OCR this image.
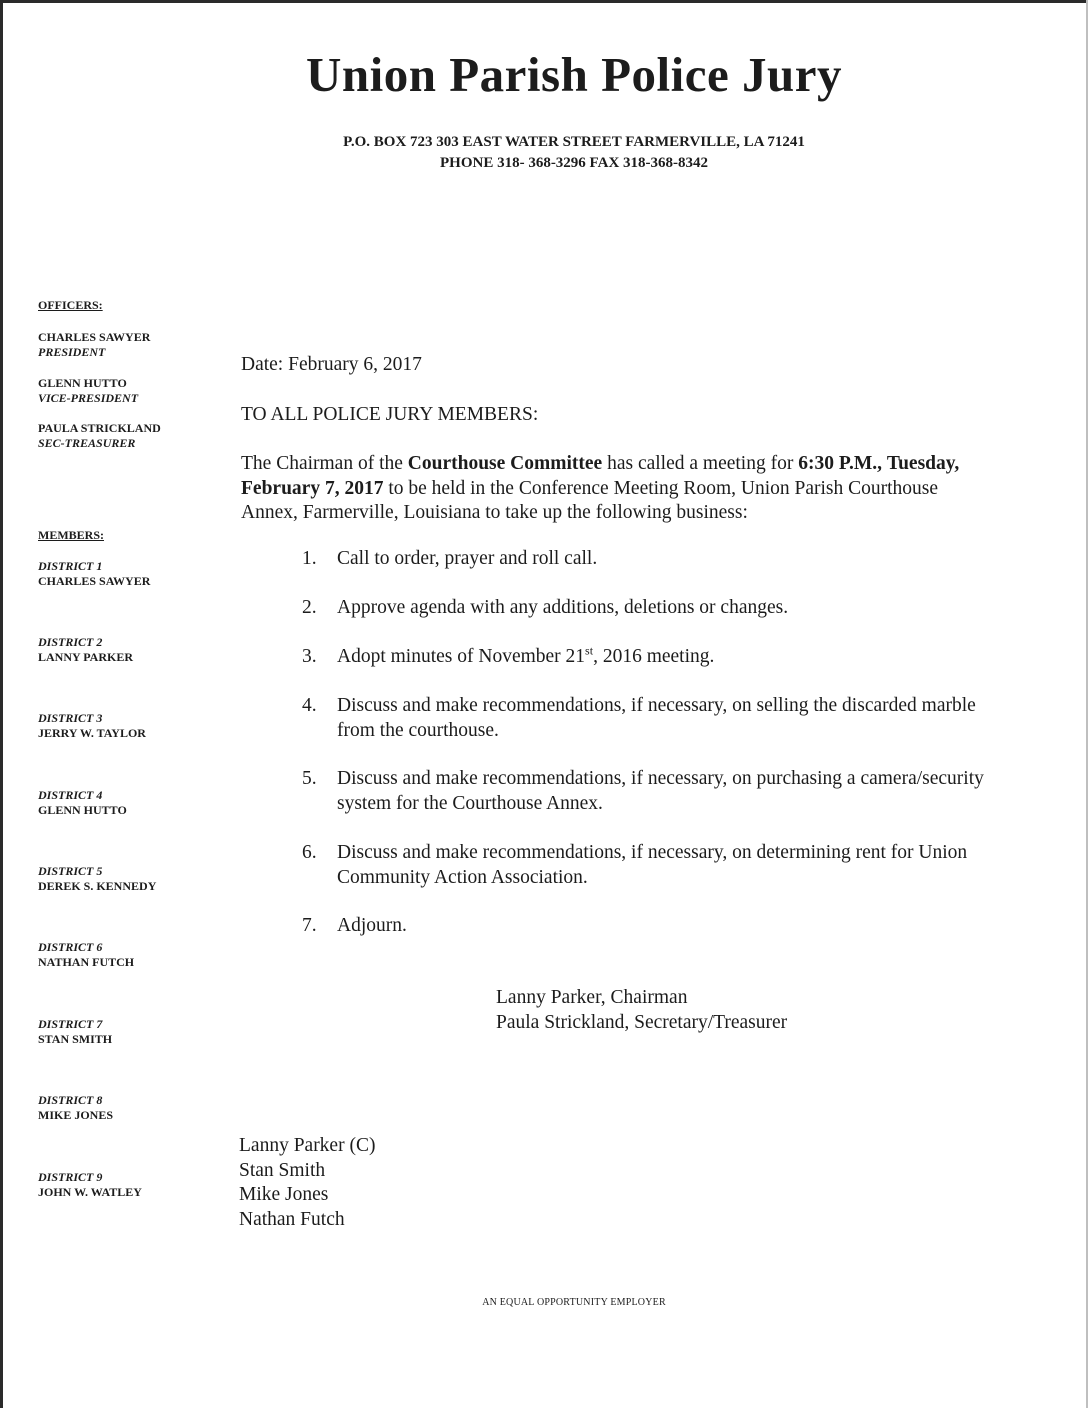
Union Parish Police Jury
P.O. BOX 723 303 EAST WATER STREET FARMERVILLE, LA 71241
PHONE 318- 368-3296 FAX 318-368-8342
OFFICERS:
CHARLES SAWYER
PRESIDENT
GLENN HUTTO
VICE-PRESIDENT
PAULA STRICKLAND
SEC-TREASURER
MEMBERS:
DISTRICT 1
CHARLES SAWYER
DISTRICT 2
LANNY PARKER
DISTRICT 3
JERRY W. TAYLOR
DISTRICT 4
GLENN HUTTO
DISTRICT 5
DEREK S. KENNEDY
DISTRICT 6
NATHAN FUTCH
DISTRICT 7
STAN SMITH
DISTRICT 8
MIKE JONES
DISTRICT 9
JOHN W. WATLEY
Date: February 6, 2017
TO ALL POLICE JURY MEMBERS:
The Chairman of the Courthouse Committee has called a meeting for 6:30 P.M., Tuesday, February 7, 2017 to be held in the Conference Meeting Room, Union Parish Courthouse Annex, Farmerville, Louisiana to take up the following business:
1.	Call to order, prayer and roll call.
2.	Approve agenda with any additions, deletions or changes.
3.	Adopt minutes of November 21st, 2016 meeting.
4.	Discuss and make recommendations, if necessary, on selling the discarded marble from the courthouse.
5.	Discuss and make recommendations, if necessary, on purchasing a camera/security system for the Courthouse Annex.
6.	Discuss and make recommendations, if necessary, on determining rent for Union Community Action Association.
7.	Adjourn.
Lanny Parker, Chairman
Paula Strickland, Secretary/Treasurer
Lanny Parker (C)
Stan Smith
Mike Jones
Nathan Futch
AN EQUAL OPPORTUNITY EMPLOYER
